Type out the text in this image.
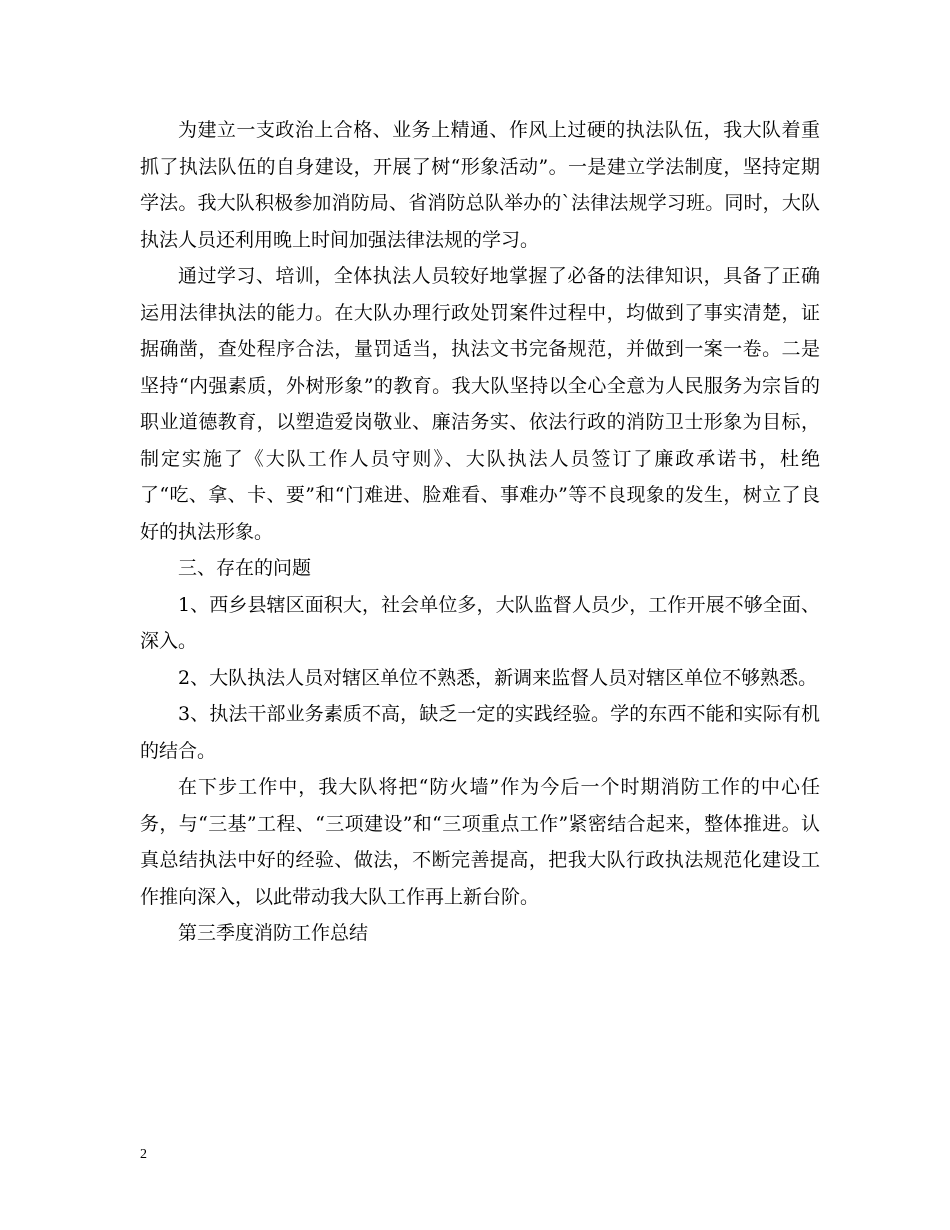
为建立一支政治上合格、业务上精通、作风上过硬的执法队伍，我大队着重抓了执法队伍的自身建设，开展了树“形象活动”。一是建立学法制度，坚持定期学法。我大队积极参加消防局、省消防总队举办的`法律法规学习班。同时，大队执法人员还利用晚上时间加强法律法规的学习。

通过学习、培训，全体执法人员较好地掌握了必备的法律知识，具备了正确运用法律执法的能力。在大队办理行政处罚案件过程中，均做到了事实清楚，证据确凿，查处程序合法，量罚适当，执法文书完备规范，并做到一案一卷。二是坚持“内强素质，外树形象”的教育。我大队坚持以全心全意为人民服务为宗旨的职业道德教育，以塑造爱岗敬业、廉洁务实、依法行政的消防卫士形象为目标，制定实施了《大队工作人员守则》、大队执法人员签订了廉政承诺书，杜绝了“吃、拿、卡、要”和“门难进、脸难看、事难办”等不良现象的发生，树立了良好的执法形象。

三、存在的问题

1、西乡县辖区面积大，社会单位多，大队监督人员少，工作开展不够全面、深入。

2、大队执法人员对辖区单位不熟悉，新调来监督人员对辖区单位不够熟悉。

3、执法干部业务素质不高，缺乏一定的实践经验。学的东西不能和实际有机的结合。

在下步工作中，我大队将把“防火墙”作为今后一个时期消防工作的中心任务，与“三基”工程、“三项建设”和“三项重点工作”紧密结合起来，整体推进。认真总结执法中好的经验、做法，不断完善提高，把我大队行政执法规范化建设工作推向深入，以此带动我大队工作再上新台阶。

第三季度消防工作总结

2
